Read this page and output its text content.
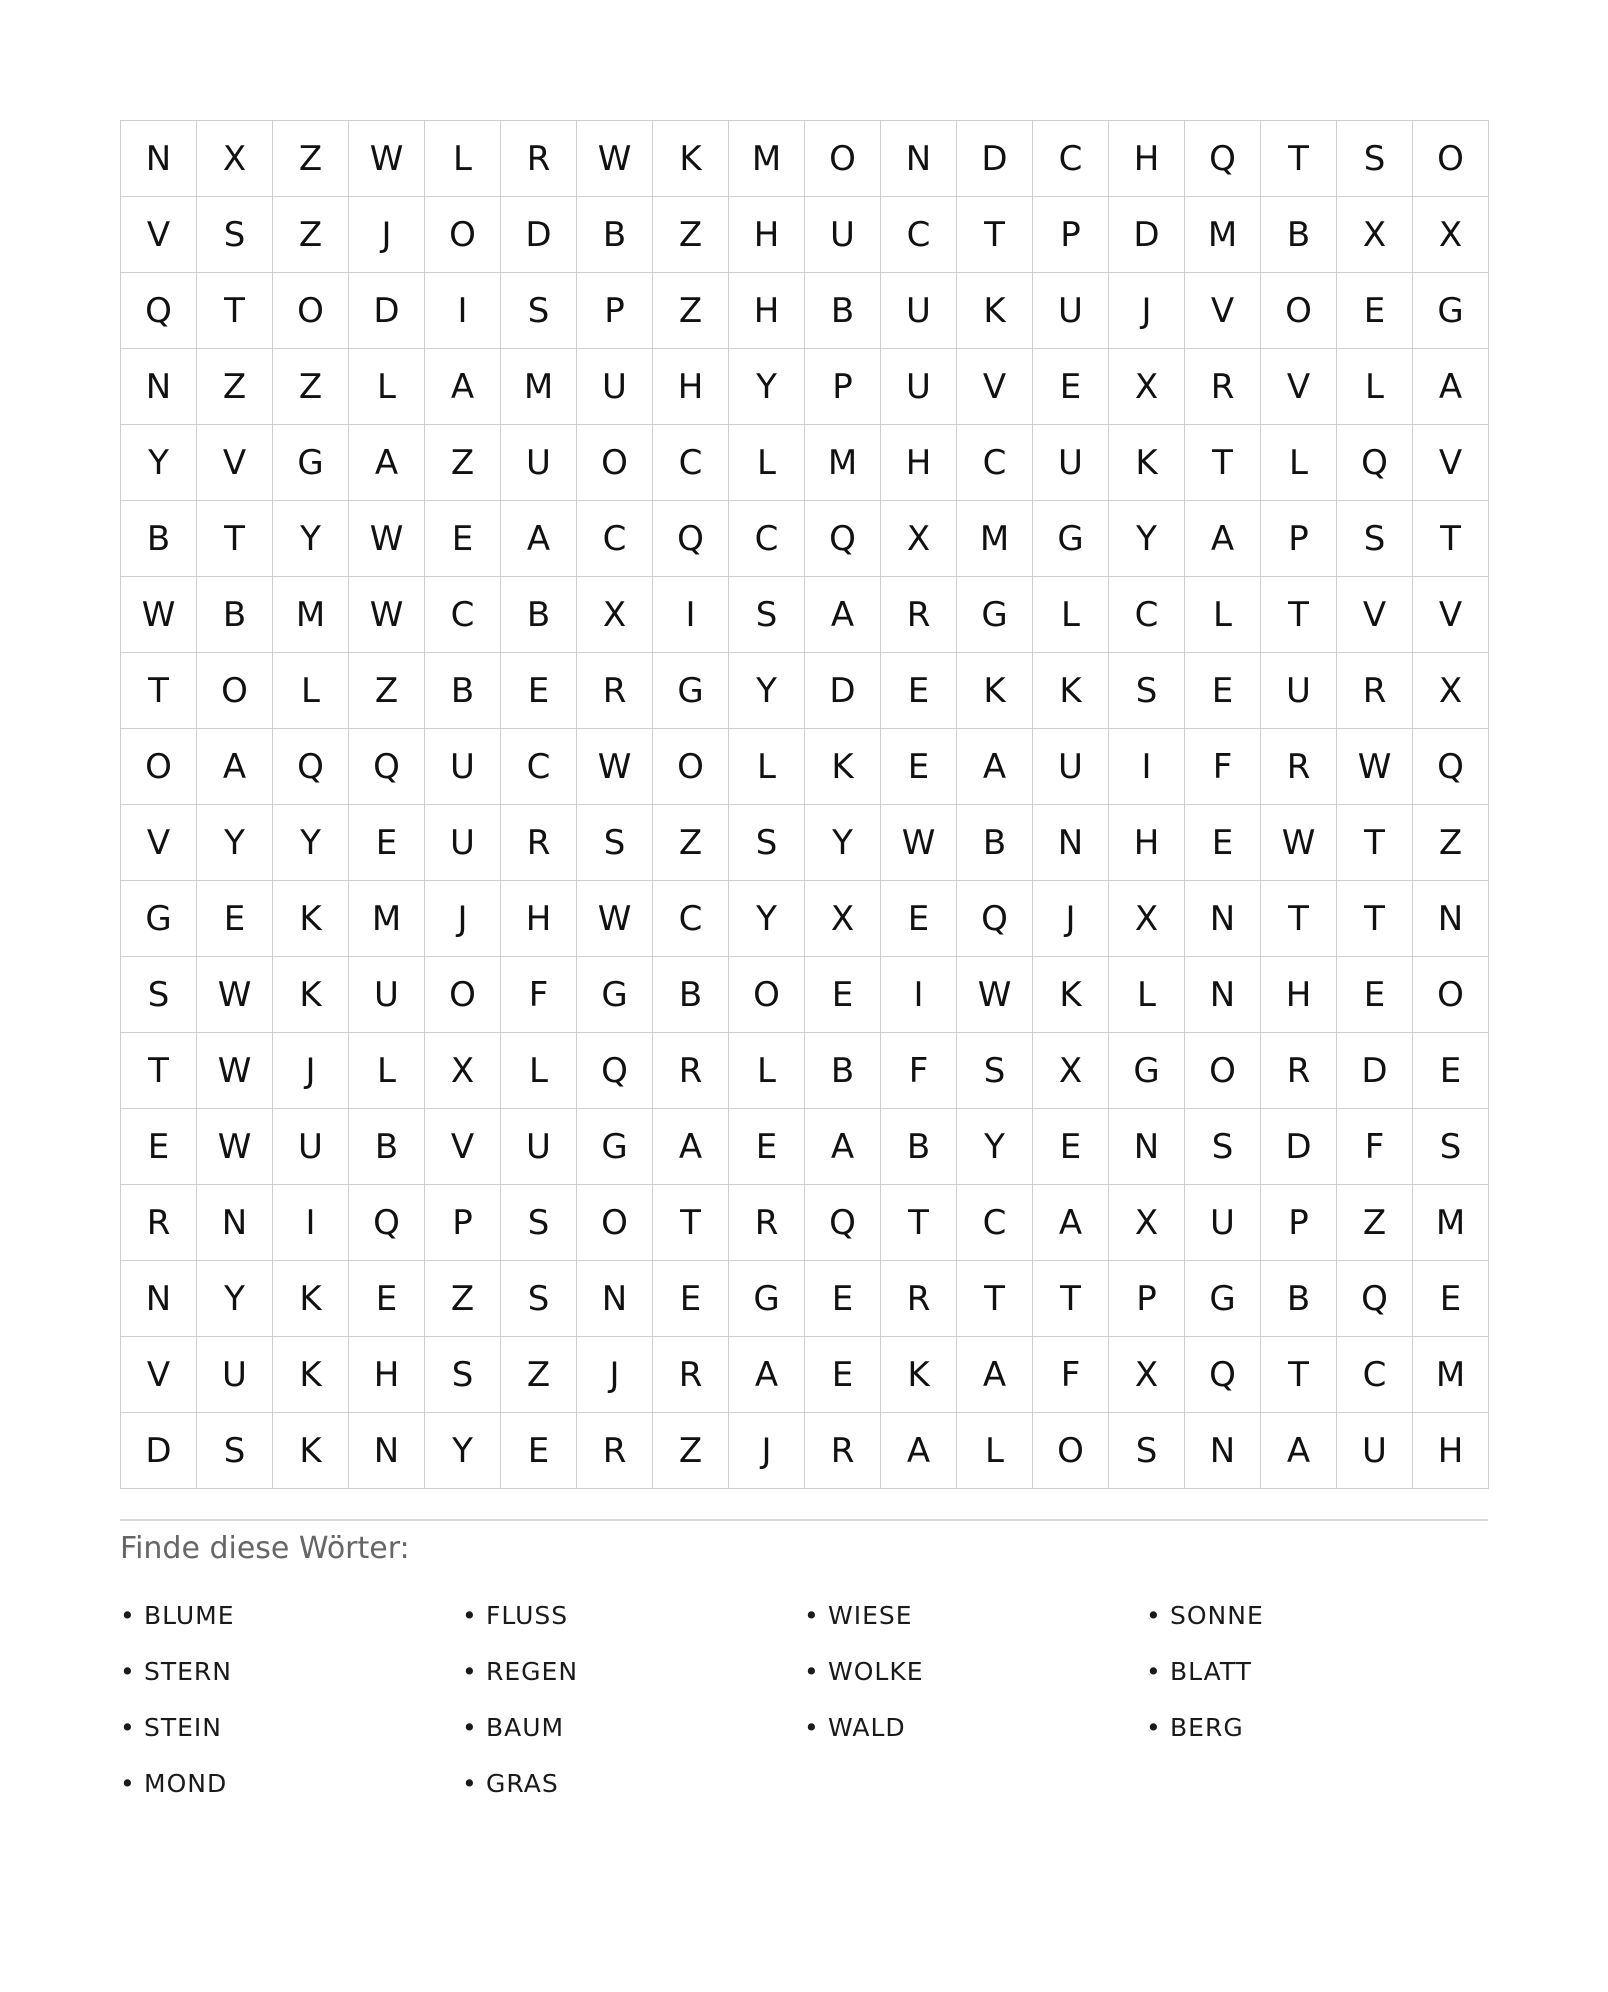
N	X	Z	W	L	R	W	K	M	O	N	D	C	H	Q	T	S	O
V	S	Z	J	O	D	B	Z	H	U	C	T	P	D	M	B	X	X
Q	T	O	D	I	S	P	Z	H	B	U	K	U	J	V	O	E	G
N	Z	Z	L	A	M	U	H	Y	P	U	V	E	X	R	V	L	A
Y	V	G	A	Z	U	O	C	L	M	H	C	U	K	T	L	Q	V
B	T	Y	W	E	A	C	Q	C	Q	X	M	G	Y	A	P	S	T
W	B	M	W	C	B	X	I	S	A	R	G	L	C	L	T	V	V
T	O	L	Z	B	E	R	G	Y	D	E	K	K	S	E	U	R	X
O	A	Q	Q	U	C	W	O	L	K	E	A	U	I	F	R	W	Q
V	Y	Y	E	U	R	S	Z	S	Y	W	B	N	H	E	W	T	Z
G	E	K	M	J	H	W	C	Y	X	E	Q	J	X	N	T	T	N
S	W	K	U	O	F	G	B	O	E	I	W	K	L	N	H	E	O
T	W	J	L	X	L	Q	R	L	B	F	S	X	G	O	R	D	E
E	W	U	B	V	U	G	A	E	A	B	Y	E	N	S	D	F	S
R	N	I	Q	P	S	O	T	R	Q	T	C	A	X	U	P	Z	M
N	Y	K	E	Z	S	N	E	G	E	R	T	T	P	G	B	Q	E
V	U	K	H	S	Z	J	R	A	E	K	A	F	X	Q	T	C	M
D	S	K	N	Y	E	R	Z	J	R	A	L	O	S	N	A	U	H
Finde diese Wörter:
• BLUME	• FLUSS	• WIESE	• SONNE
• STERN	• REGEN	• WOLKE	• BLATT
• STEIN	• BAUM	• WALD	• BERG
• MOND	• GRAS
